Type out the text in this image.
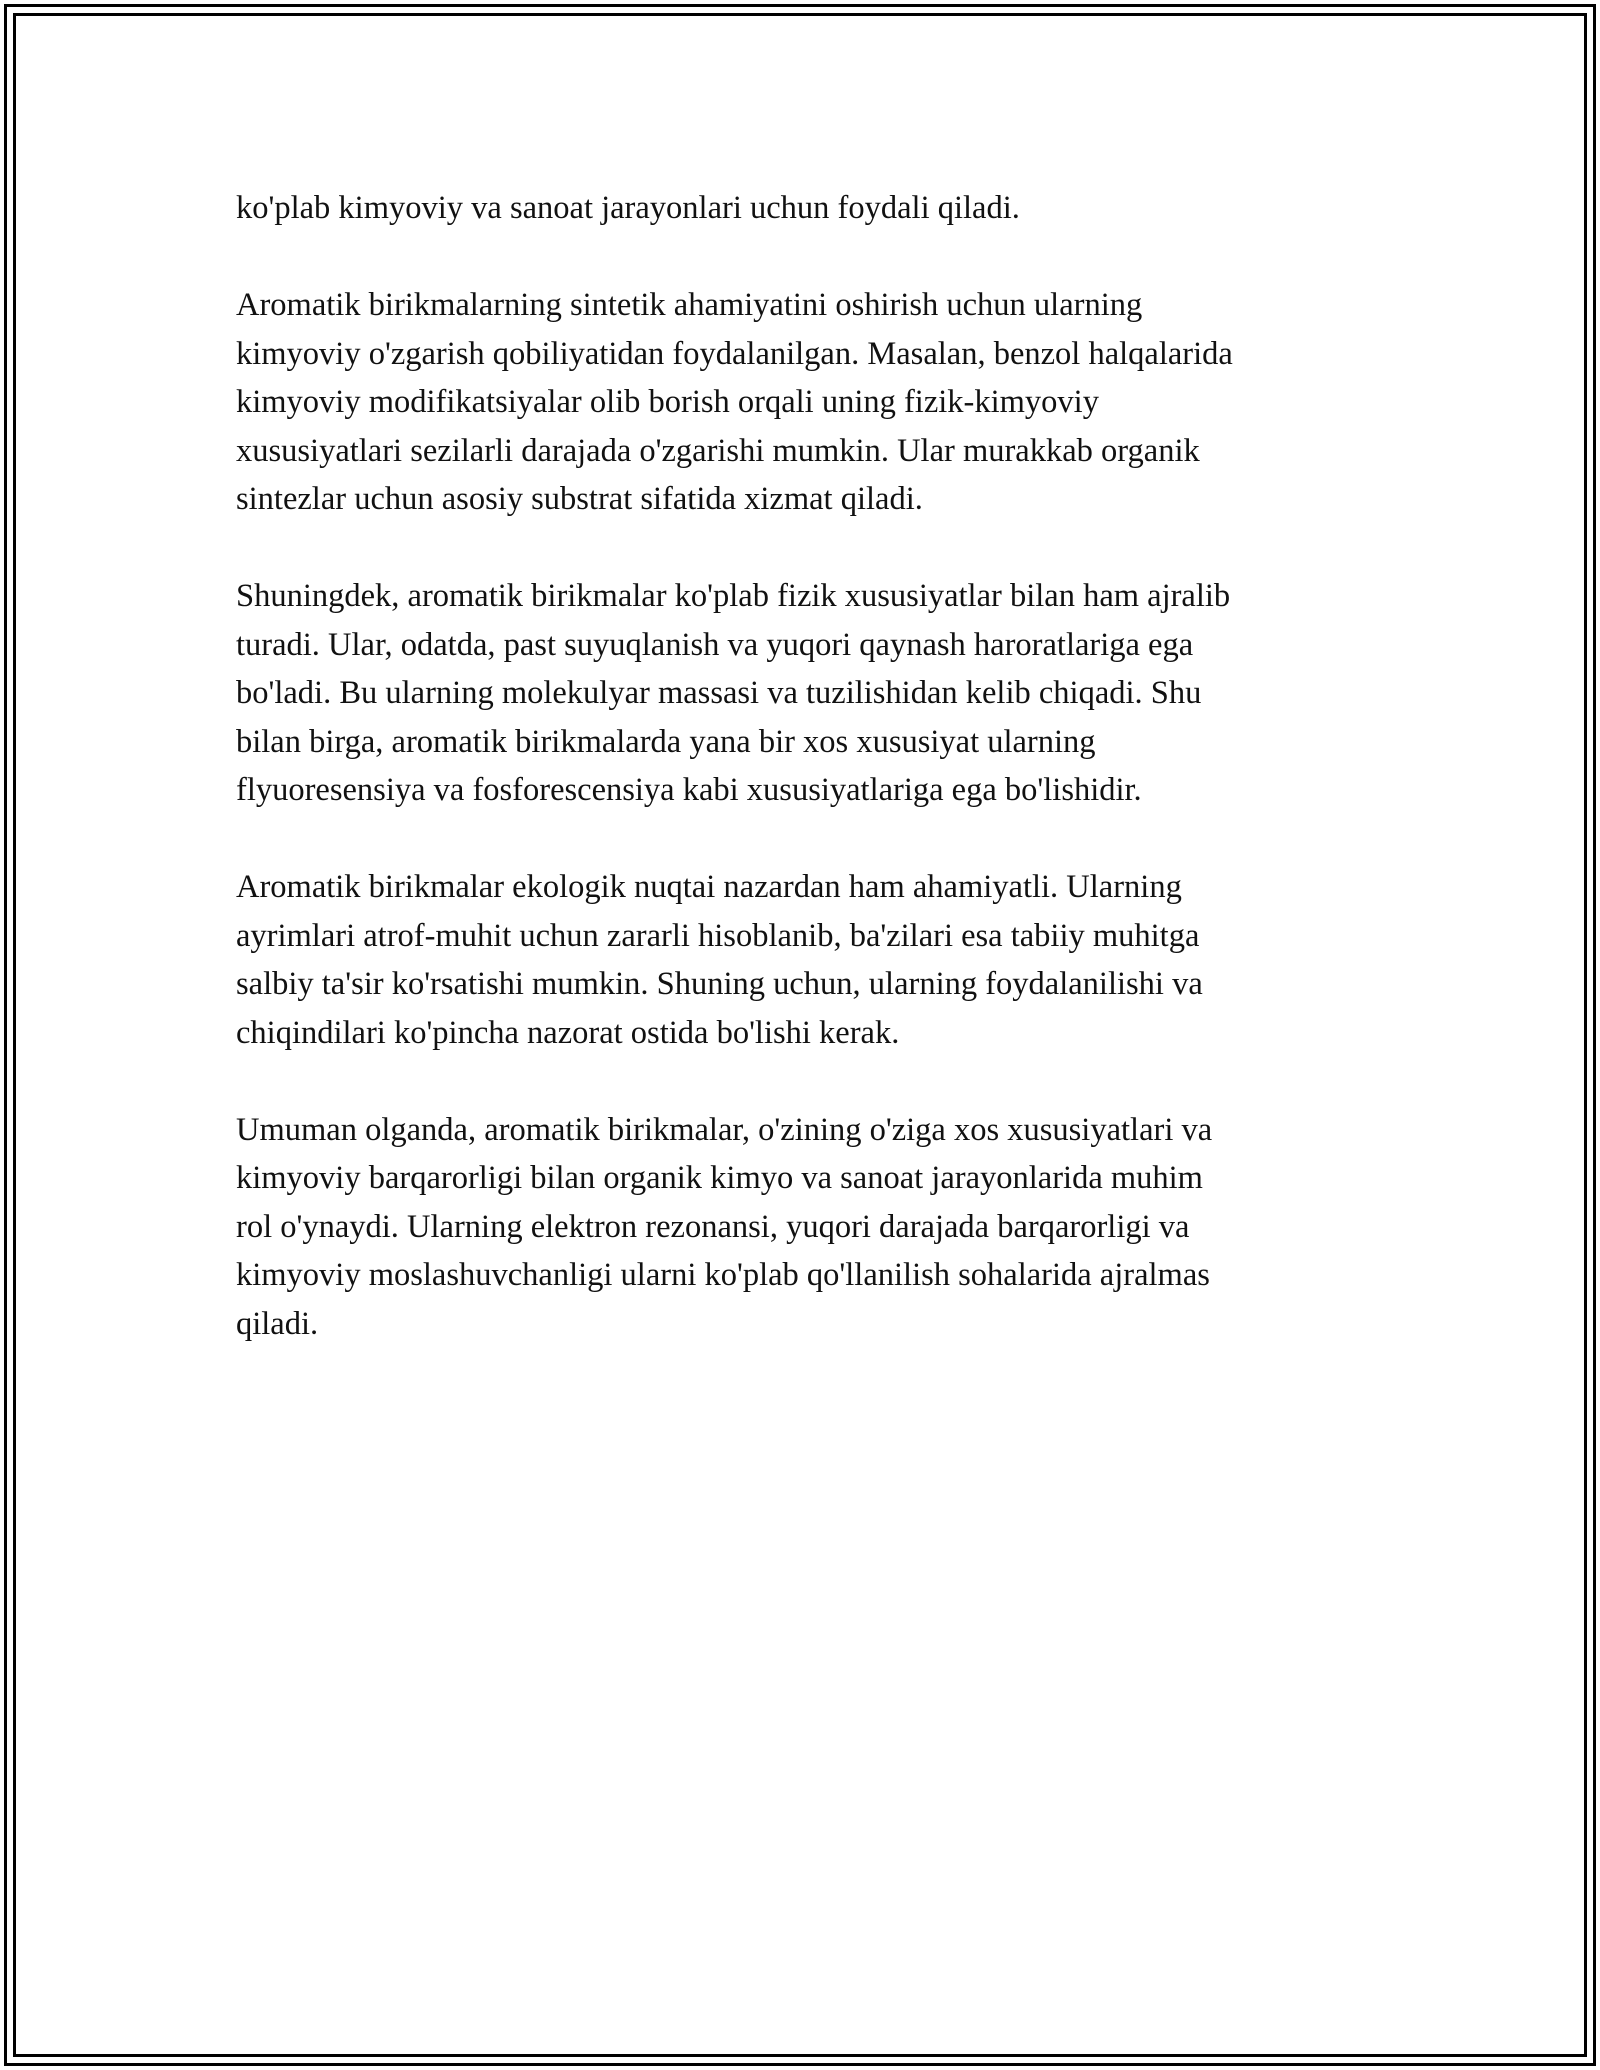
ko'plab kimyoviy va sanoat jarayonlari uchun foydali qiladi.

Aromatik birikmalarning sintetik ahamiyatini oshirish uchun ularning
kimyoviy o'zgarish qobiliyatidan foydalanilgan. Masalan, benzol halqalarida
kimyoviy modifikatsiyalar olib borish orqali uning fizik-kimyoviy
xususiyatlari sezilarli darajada o'zgarishi mumkin. Ular murakkab organik
sintezlar uchun asosiy substrat sifatida xizmat qiladi.

Shuningdek, aromatik birikmalar ko'plab fizik xususiyatlar bilan ham ajralib
turadi. Ular, odatda, past suyuqlanish va yuqori qaynash haroratlariga ega
bo'ladi. Bu ularning molekulyar massasi va tuzilishidan kelib chiqadi. Shu
bilan birga, aromatik birikmalarda yana bir xos xususiyat ularning
flyuoresensiya va fosforescensiya kabi xususiyatlariga ega bo'lishidir.

Aromatik birikmalar ekologik nuqtai nazardan ham ahamiyatli. Ularning
ayrimlari atrof-muhit uchun zararli hisoblanib, ba'zilari esa tabiiy muhitga
salbiy ta'sir ko'rsatishi mumkin. Shuning uchun, ularning foydalanilishi va
chiqindilari ko'pincha nazorat ostida bo'lishi kerak.

Umuman olganda, aromatik birikmalar, o'zining o'ziga xos xususiyatlari va
kimyoviy barqarorligi bilan organik kimyo va sanoat jarayonlarida muhim
rol o'ynaydi. Ularning elektron rezonansi, yuqori darajada barqarorligi va
kimyoviy moslashuvchanligi ularni ko'plab qo'llanilish sohalarida ajralmas
qiladi.
